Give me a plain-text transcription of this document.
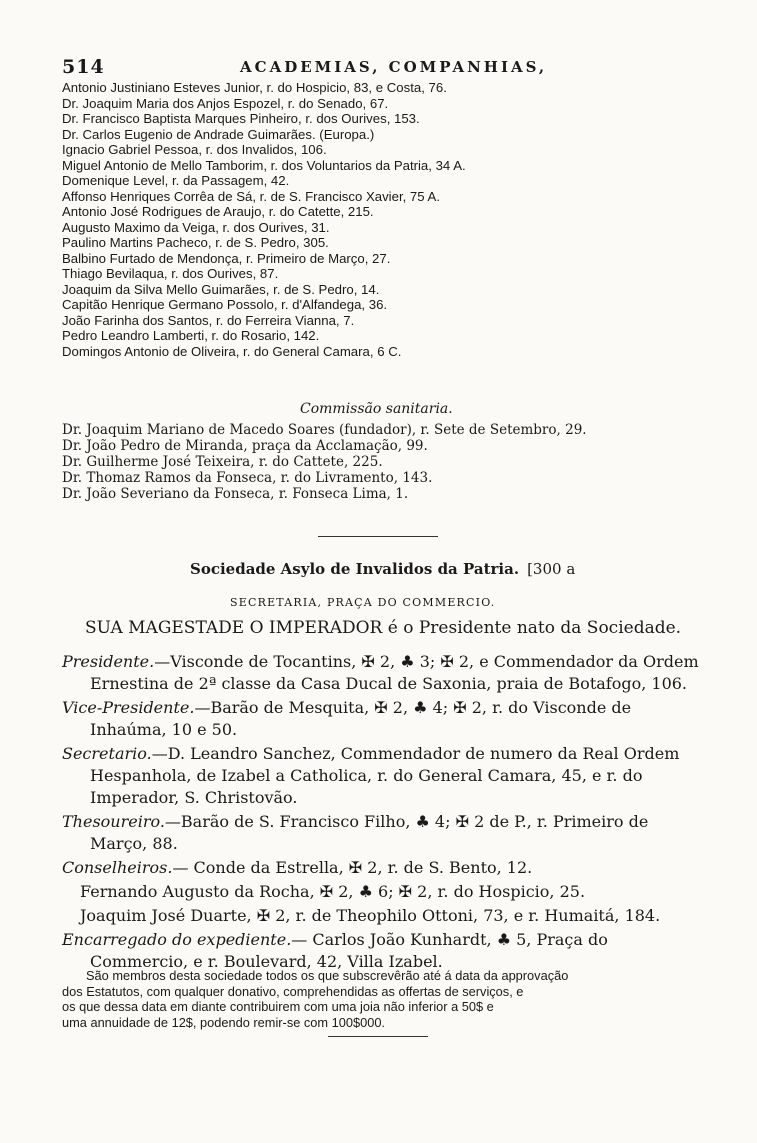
514	ACADEMIAS, COMPANHIAS,
Antonio Justiniano Esteves Junior, r. do Hospicio, 83, e Costa, 76.
Dr. Joaquim Maria dos Anjos Espozel, r. do Senado, 67.
Dr. Francisco Baptista Marques Pinheiro, r. dos Ourives, 153.
Dr. Carlos Eugenio de Andrade Guimarães. (Europa.)
Ignacio Gabriel Pessoa, r. dos Invalidos, 106.
Miguel Antonio de Mello Tamborim, r. dos Voluntarios da Patria, 34 A.
Domenique Level, r. da Passagem, 42.
Affonso Henriques Corrêa de Sá, r. de S. Francisco Xavier, 75 A.
Antonio José Rodrigues de Araujo, r. do Catette, 215.
Augusto Maximo da Veiga, r. dos Ourives, 31.
Paulino Martins Pacheco, r. de S. Pedro, 305.
Balbino Furtado de Mendonça, r. Primeiro de Março, 27.
Thiago Bevilaqua, r. dos Ourives, 87.
Joaquim da Silva Mello Guimarães, r. de S. Pedro, 14.
Capitão Henrique Germano Possolo, r. d'Alfandega, 36.
João Farinha dos Santos, r. do Ferreira Vianna, 7.
Pedro Leandro Lamberti, r. do Rosario, 142.
Domingos Antonio de Oliveira, r. do General Camara, 6 C.
Commissão sanitaria.
Dr. Joaquim Mariano de Macedo Soares (fundador), r. Sete de Setembro, 29.
Dr. João Pedro de Miranda, praça da Acclamação, 99.
Dr. Guilherme José Teixeira, r. do Cattete, 225.
Dr. Thomaz Ramos da Fonseca, r. do Livramento, 143.
Dr. João Severiano da Fonseca, r. Fonseca Lima, 1.
Sociedade Asylo de Invalidos da Patria. [300 a
SECRETARIA, PRAÇA DO COMMERCIO.
SUA MAGESTADE O IMPERADOR é o Presidente nato da Sociedade.
Presidente.—Visconde de Tocantins, ✠ 2, ♣ 3; ✠ 2, e Commendador da Ordem Ernestina de 2ª classe da Casa Ducal de Saxonia, praia de Botafogo, 106.
Vice-Presidente.—Barão de Mesquita, ✠ 2, ♣ 4; ✠ 2, r. do Visconde de Inhaúma, 10 e 50.
Secretario.—D. Leandro Sanchez, Commendador de numero da Real Ordem Hespanhola, de Izabel a Catholica, r. do General Camara, 45, e r. do Imperador, S. Christovão.
Thesoureiro.—Barão de S. Francisco Filho, ♣ 4; ✠ 2 de P., r. Primeiro de Março, 88.
Conselheiros.— Conde da Estrella, ✠ 2, r. de S. Bento, 12.
Fernando Augusto da Rocha, ✠ 2, ♣ 6; ✠ 2, r. do Hospicio, 25.
Joaquim José Duarte, ✠ 2, r. de Theophilo Ottoni, 73, e r. Humaitá, 184.
Encarregado do expediente.— Carlos João Kunhardt, ♣ 5, Praça do Commercio, e r. Boulevard, 42, Villa Izabel.
São membros desta sociedade todos os que subscrevêrão até á data da approvação
dos Estatutos, com qualquer donativo, comprehendidas as offertas de serviços, e
os que dessa data em diante contribuirem com uma joia não inferior a 50$ e
uma annuidade de 12$, podendo remir-se com 100$000.
